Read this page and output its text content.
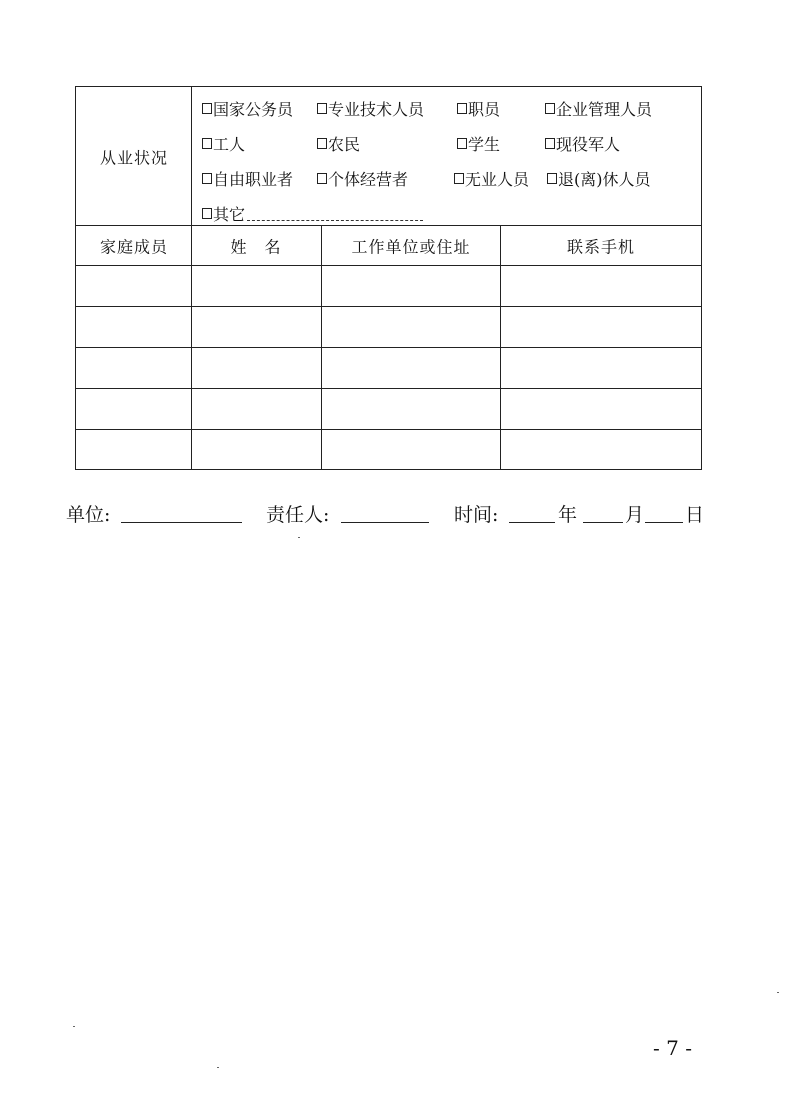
从业状况
国家公务员 专业技术人员	职员	企业管理人员
工人	农民	学生	现役军人
自由职业者 个体经营者	无业人员 退(离)休人员
其它
家庭成员	姓　名	工作单位或住址	联系手机
单位:	责任人:	时间:	年	月 日
- 7 -
